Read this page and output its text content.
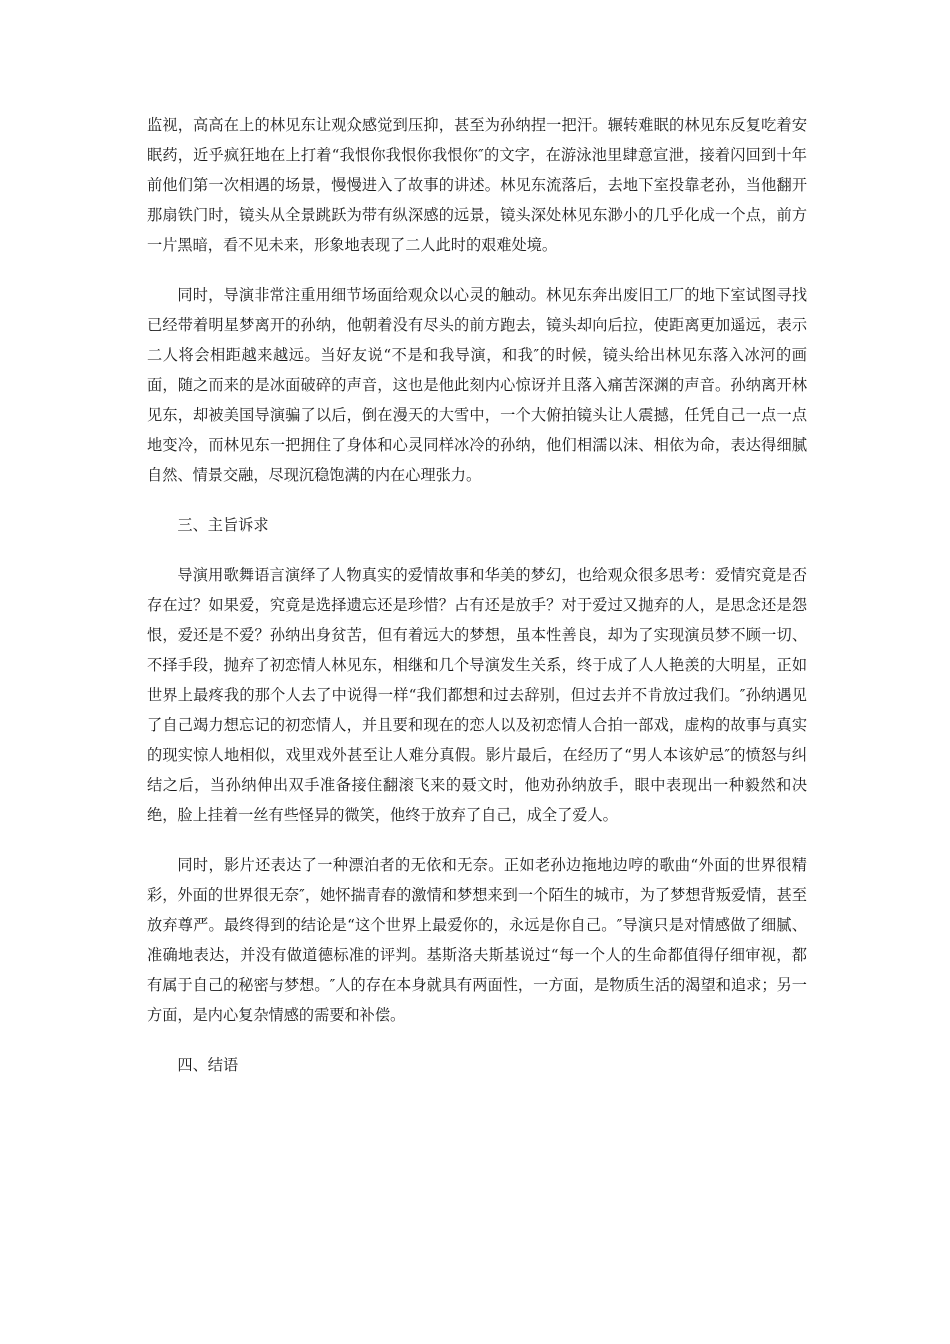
监视，高高在上的林见东让观众感觉到压抑，甚至为孙纳捏一把汗。辗转难眠的林见东反复吃着安眠药，近乎疯狂地在上打着“我恨你我恨你我恨你″的文字，在游泳池里肆意宣泄，接着闪回到十年前他们第一次相遇的场景，慢慢进入了故事的讲述。林见东流落后，去地下室投靠老孙，当他翻开那扇铁门时，镜头从全景跳跃为带有纵深感的远景，镜头深处林见东渺小的几乎化成一个点，前方一片黑暗，看不见未来，形象地表现了二人此时的艰难处境。

同时，导演非常注重用细节场面给观众以心灵的触动。林见东奔出废旧工厂的地下室试图寻找已经带着明星梦离开的孙纳，他朝着没有尽头的前方跑去，镜头却向后拉，使距离更加遥远，表示二人将会相距越来越远。当好友说“不是和我导演，和我″的时候，镜头给出林见东落入冰河的画面，随之而来的是冰面破碎的声音，这也是他此刻内心惊讶并且落入痛苦深渊的声音。孙纳离开林见东，却被美国导演骗了以后，倒在漫天的大雪中，一个大俯拍镜头让人震撼，任凭自己一点一点地变冷，而林见东一把拥住了身体和心灵同样冰冷的孙纳，他们相濡以沫、相依为命，表达得细腻自然、情景交融，尽现沉稳饱满的内在心理张力。

三、主旨诉求

导演用歌舞语言演绎了人物真实的爱情故事和华美的梦幻，也给观众很多思考：爱情究竟是否存在过？如果爱，究竟是选择遗忘还是珍惜？占有还是放手？对于爱过又抛弃的人，是思念还是怨恨，爱还是不爱？孙纳出身贫苦，但有着远大的梦想，虽本性善良，却为了实现演员梦不顾一切、不择手段，抛弃了初恋情人林见东，相继和几个导演发生关系，终于成了人人艳羡的大明星，正如世界上最疼我的那个人去了中说得一样“我们都想和过去辞别，但过去并不肯放过我们。″孙纳遇见了自己竭力想忘记的初恋情人，并且要和现在的恋人以及初恋情人合拍一部戏，虚构的故事与真实的现实惊人地相似，戏里戏外甚至让人难分真假。影片最后，在经历了“男人本该妒忌″的愤怒与纠结之后，当孙纳伸出双手准备接住翻滚飞来的聂文时，他劝孙纳放手，眼中表现出一种毅然和决绝，脸上挂着一丝有些怪异的微笑，他终于放弃了自己，成全了爱人。

同时，影片还表达了一种漂泊者的无依和无奈。正如老孙边拖地边哼的歌曲“外面的世界很精彩，外面的世界很无奈″，她怀揣青春的激情和梦想来到一个陌生的城市，为了梦想背叛爱情，甚至放弃尊严。最终得到的结论是“这个世界上最爱你的，永远是你自己。″导演只是对情感做了细腻、准确地表达，并没有做道德标准的评判。基斯洛夫斯基说过“每一个人的生命都值得仔细审视，都有属于自己的秘密与梦想。″人的存在本身就具有两面性，一方面，是物质生活的渴望和追求；另一方面，是内心复杂情感的需要和补偿。

四、结语
